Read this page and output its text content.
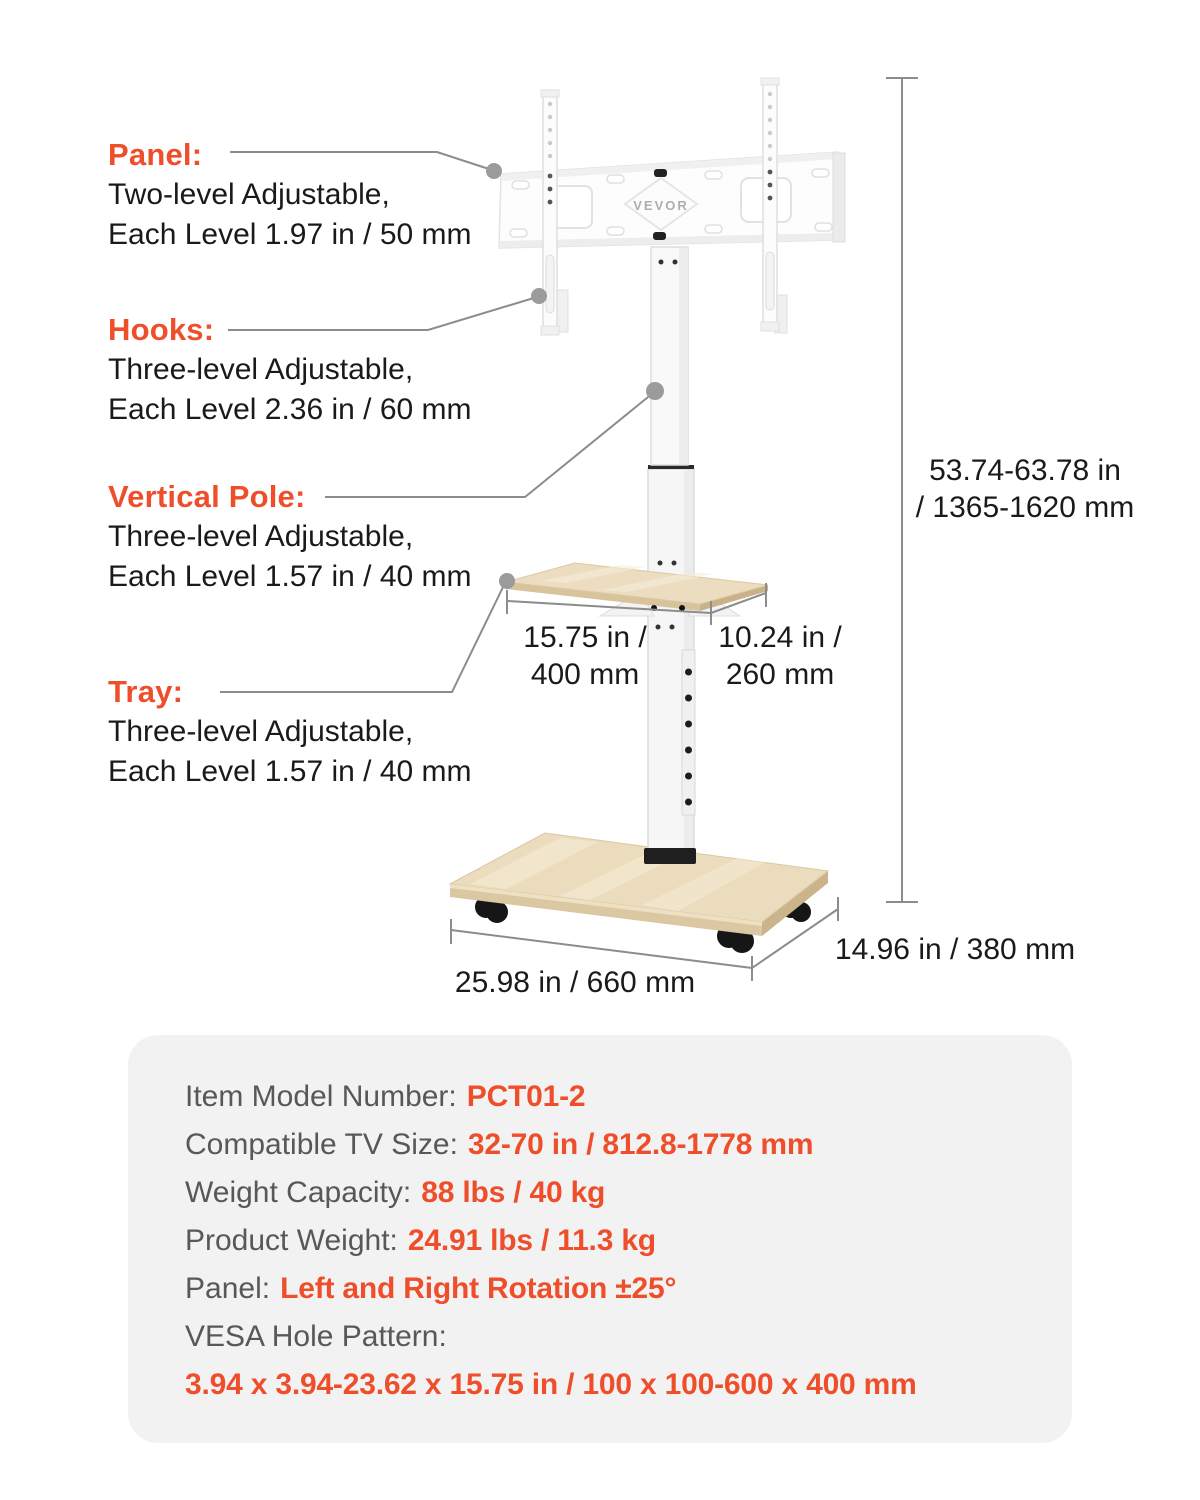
VEVOR
Panel:
Two-level Adjustable,
Each Level 1.97 in / 50 mm
Hooks:
Three-level Adjustable,
Each Level 2.36 in / 60 mm
Vertical Pole:
Three-level Adjustable,
Each Level 1.57 in / 40 mm
Tray:
Three-level Adjustable,
Each Level 1.57 in / 40 mm
53.74-63.78 in
/ 1365-1620 mm
15.75 in /
400 mm
10.24 in /
260 mm
25.98 in / 660 mm
14.96 in / 380 mm
Item Model Number: PCT01-2
Compatible TV Size: 32-70 in / 812.8-1778 mm
Weight Capacity: 88 lbs / 40 kg
Product Weight: 24.91 lbs / 11.3 kg
Panel: Left and Right Rotation ±25°
VESA Hole Pattern:
3.94 x 3.94-23.62 x 15.75 in / 100 x 100-600 x 400 mm
